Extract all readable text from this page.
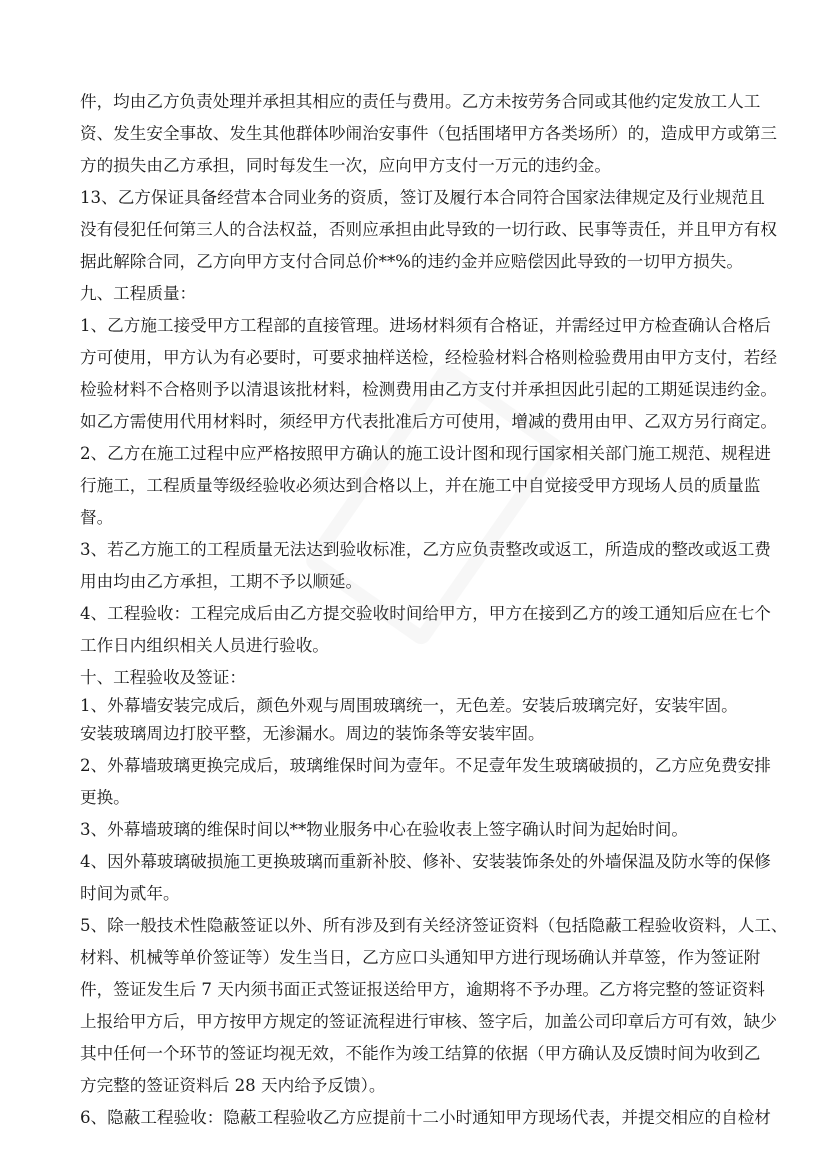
件，均由乙方负责处理并承担其相应的责任与费用。乙方未按劳务合同或其他约定发放工人工
资、发生安全事故、发生其他群体吵闹治安事件（包括围堵甲方各类场所）的，造成甲方或第三
方的损失由乙方承担，同时每发生一次，应向甲方支付一万元的违约金。
13、乙方保证具备经营本合同业务的资质，签订及履行本合同符合国家法律规定及行业规范且
没有侵犯任何第三人的合法权益，否则应承担由此导致的一切行政、民事等责任，并且甲方有权
据此解除合同，乙方向甲方支付合同总价**%的违约金并应赔偿因此导致的一切甲方损失。
九、工程质量：
1、乙方施工接受甲方工程部的直接管理。进场材料须有合格证，并需经过甲方检查确认合格后
方可使用，甲方认为有必要时，可要求抽样送检，经检验材料合格则检验费用由甲方支付，若经
检验材料不合格则予以清退该批材料，检测费用由乙方支付并承担因此引起的工期延误违约金。
如乙方需使用代用材料时，须经甲方代表批准后方可使用，增减的费用由甲、乙双方另行商定。
2、乙方在施工过程中应严格按照甲方确认的施工设计图和现行国家相关部门施工规范、规程进
行施工，工程质量等级经验收必须达到合格以上，并在施工中自觉接受甲方现场人员的质量监
督。
3、若乙方施工的工程质量无法达到验收标准，乙方应负责整改或返工，所造成的整改或返工费
用由均由乙方承担，工期不予以顺延。
4、工程验收：工程完成后由乙方提交验收时间给甲方，甲方在接到乙方的竣工通知后应在七个
工作日内组织相关人员进行验收。
十、工程验收及签证：
1、外幕墙安装完成后，颜色外观与周围玻璃统一，无色差。安装后玻璃完好，安装牢固。
安装玻璃周边打胶平整，无渗漏水。周边的装饰条等安装牢固。
2、外幕墙玻璃更换完成后，玻璃维保时间为壹年。不足壹年发生玻璃破损的，乙方应免费安排
更换。
3、外幕墙玻璃的维保时间以**物业服务中心在验收表上签字确认时间为起始时间。
4、因外幕玻璃破损施工更换玻璃而重新补胶、修补、安装装饰条处的外墙保温及防水等的保修
时间为贰年。
5、除一般技术性隐蔽签证以外、所有涉及到有关经济签证资料（包括隐蔽工程验收资料，人工、
材料、机械等单价签证等）发生当日，乙方应口头通知甲方进行现场确认并草签，作为签证附
件，签证发生后 7 天内须书面正式签证报送给甲方，逾期将不予办理。乙方将完整的签证资料
上报给甲方后，甲方按甲方规定的签证流程进行审核、签字后，加盖公司印章后方可有效，缺少
其中任何一个环节的签证均视无效，不能作为竣工结算的依据（甲方确认及反馈时间为收到乙
方完整的签证资料后 28 天内给予反馈）。
6、隐蔽工程验收：隐蔽工程验收乙方应提前十二小时通知甲方现场代表，并提交相应的自检材
